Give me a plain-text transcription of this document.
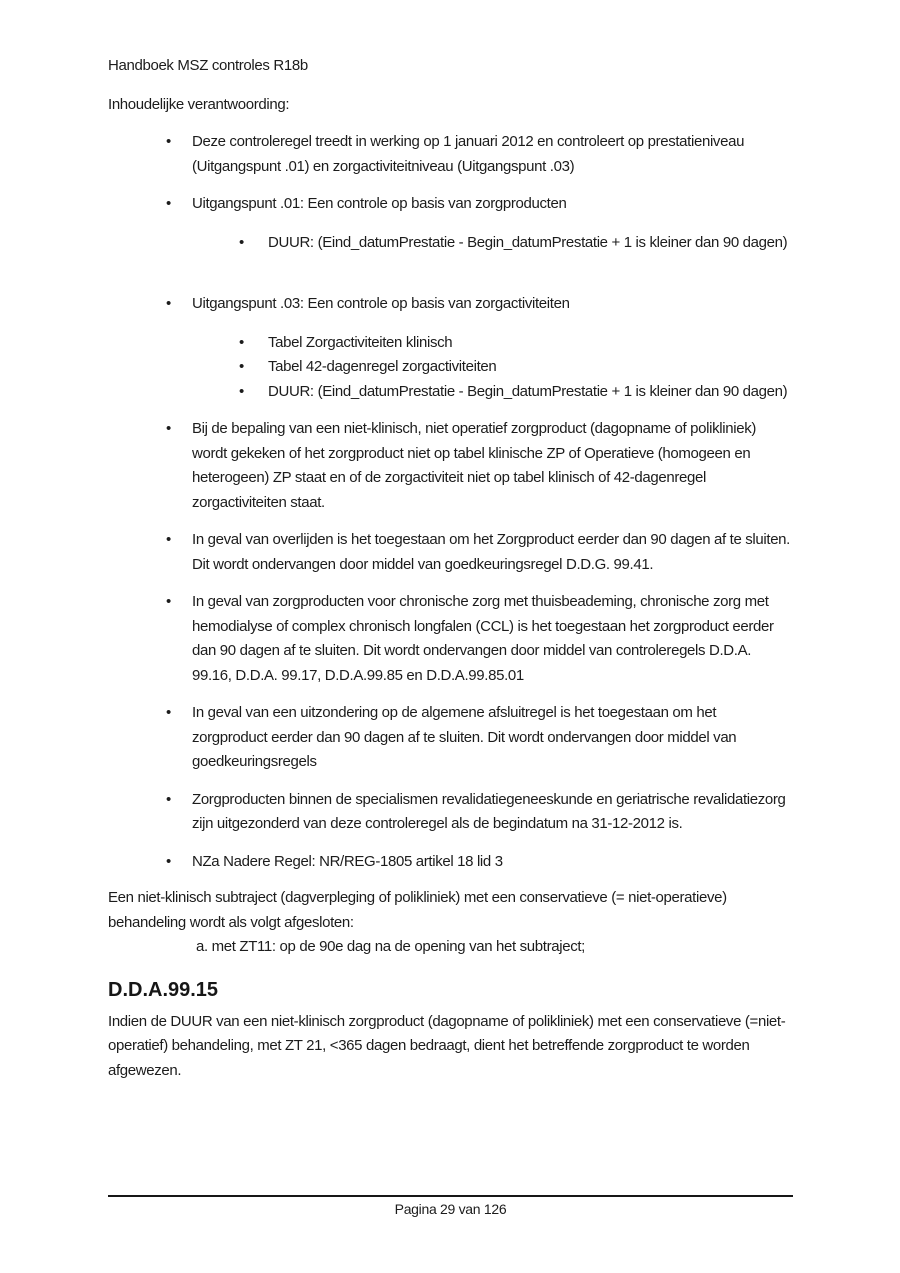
Handboek MSZ controles R18b

Inhoudelijke verantwoording:

•	Deze controleregel treedt in werking op 1 januari 2012 en controleert op prestatieniveau (Uitgangspunt .01) en zorgactiviteitniveau (Uitgangspunt .03)
•	Uitgangspunt .01: Een controle op basis van zorgproducten
•	DUUR: (Eind_datumPrestatie - Begin_datumPrestatie + 1 is kleiner dan 90 dagen)
•	Uitgangspunt .03: Een controle op basis van zorgactiviteiten
•	Tabel Zorgactiviteiten klinisch
•	Tabel 42-dagenregel zorgactiviteiten
•	DUUR: (Eind_datumPrestatie - Begin_datumPrestatie + 1 is kleiner dan 90 dagen)
•	Bij de bepaling van een niet-klinisch, niet operatief zorgproduct (dagopname of polikliniek) wordt gekeken of het zorgproduct niet op tabel klinische ZP of Operatieve (homogeen en heterogeen) ZP staat en of de zorgactiviteit niet op tabel klinisch of 42-dagenregel zorgactiviteiten staat.
•	In geval van overlijden is het toegestaan om het Zorgproduct eerder dan 90 dagen af te sluiten. Dit wordt ondervangen door middel van goedkeuringsregel D.D.G. 99.41.
•	In geval van zorgproducten voor chronische zorg met thuisbeademing, chronische zorg met hemodialyse of complex chronisch longfalen (CCL) is het toegestaan het zorgproduct eerder dan 90 dagen af te sluiten. Dit wordt ondervangen door middel van controleregels D.D.A. 99.16, D.D.A. 99.17, D.D.A.99.85 en D.D.A.99.85.01
•	In geval van een uitzondering op de algemene afsluitregel is het toegestaan om het zorgproduct eerder dan 90 dagen af te sluiten. Dit wordt ondervangen door middel van goedkeuringsregels
•	Zorgproducten binnen de specialismen revalidatiegeneeskunde en geriatrische revalidatiezorg zijn uitgezonderd van deze controleregel als de begindatum na 31-12-2012 is.
•	NZa Nadere Regel: NR/REG-1805 artikel 18 lid 3

Een niet-klinisch subtraject (dagverpleging of polikliniek) met een conservatieve (= niet-operatieve) behandeling wordt als volgt afgesloten:

a. met ZT11: op de 90e dag na de opening van het subtraject;

D.D.A.99.15

Indien de DUUR van een niet-klinisch zorgproduct (dagopname of polikliniek) met een conservatieve (=niet-operatief) behandeling, met ZT 21, <365 dagen bedraagt, dient het betreffende zorgproduct te worden afgewezen.

Pagina 29 van 126
